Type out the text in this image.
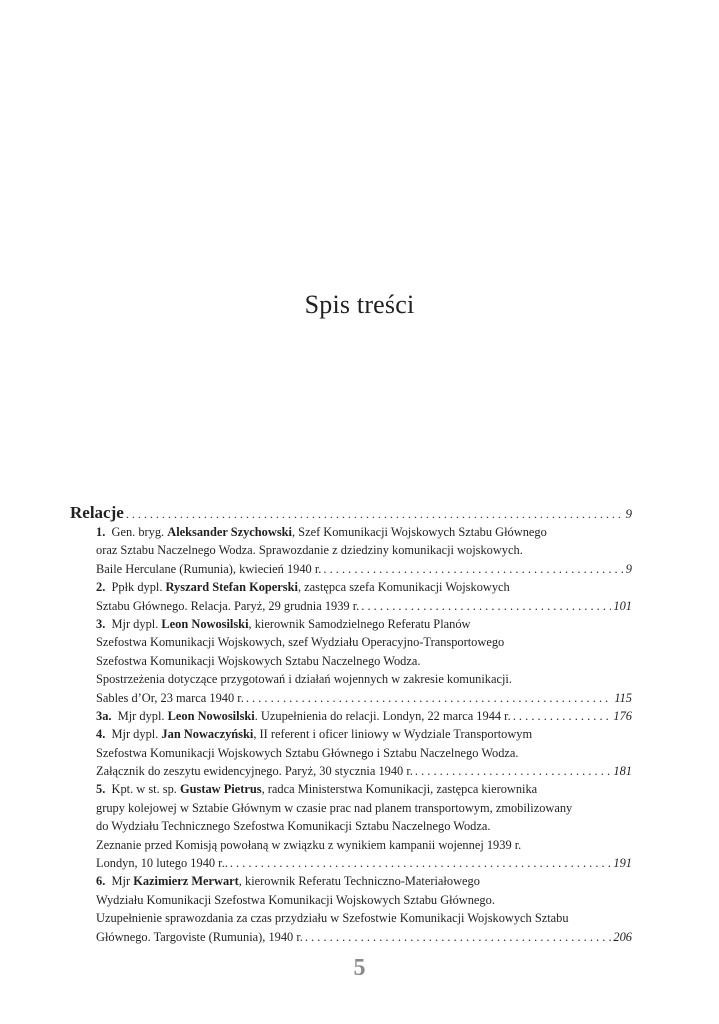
Spis treści
Relacje . . .	9
1. Gen. bryg. Aleksander Szychowski, Szef Komunikacji Wojskowych Sztabu Głównego
oraz Sztabu Naczelnego Wodza. Sprawozdanie z dziedziny komunikacji wojskowych.
Baile Herculane (Rumunia), kwiecień 1940 r. . . .	9
2. Ppłk dypl. Ryszard Stefan Koperski, zastępca szefa Komunikacji Wojskowych
Sztabu Głównego. Relacja. Paryż, 29 grudnia 1939 r. . . .	101
3. Mjr dypl. Leon Nowosilski, kierownik Samodzielnego Referatu Planów
Szefostwa Komunikacji Wojskowych, szef Wydziału Operacyjno-Transportowego
Szefostwa Komunikacji Wojskowych Sztabu Naczelnego Wodza.
Spostrzeżenia dotyczące przygotowań i działań wojennych w zakresie komunikacji.
Sables d’Or, 23 marca 1940 r. . . .	115
3a. Mjr dypl. Leon Nowosilski. Uzupełnienia do relacji. Londyn, 22 marca 1944 r. . . .	176
4. Mjr dypl. Jan Nowaczyński, II referent i oficer liniowy w Wydziale Transportowym
Szefostwa Komunikacji Wojskowych Sztabu Głównego i Sztabu Naczelnego Wodza.
Załącznik do zeszytu ewidencyjnego. Paryż, 30 stycznia 1940 r. . . .	181
5. Kpt. w st. sp. Gustaw Pietrus, radca Ministerstwa Komunikacji, zastępca kierownika
grupy kolejowej w Sztabie Głównym w czasie prac nad planem transportowym, zmobilizowany
do Wydziału Technicznego Szefostwa Komunikacji Sztabu Naczelnego Wodza.
Zeznanie przed Komisją powołaną w związku z wynikiem kampanii wojennej 1939 r.
Londyn, 10 lutego 1940 r.. . . .	191
6. Mjr Kazimierz Merwart, kierownik Referatu Techniczno-Materiałowego
Wydziału Komunikacji Szefostwa Komunikacji Wojskowych Sztabu Głównego.
Uzupełnienie sprawozdania za czas przydziału w Szefostwie Komunikacji Wojskowych Sztabu
Głównego. Targoviste (Rumunia), 1940 r. . . .	206
5
